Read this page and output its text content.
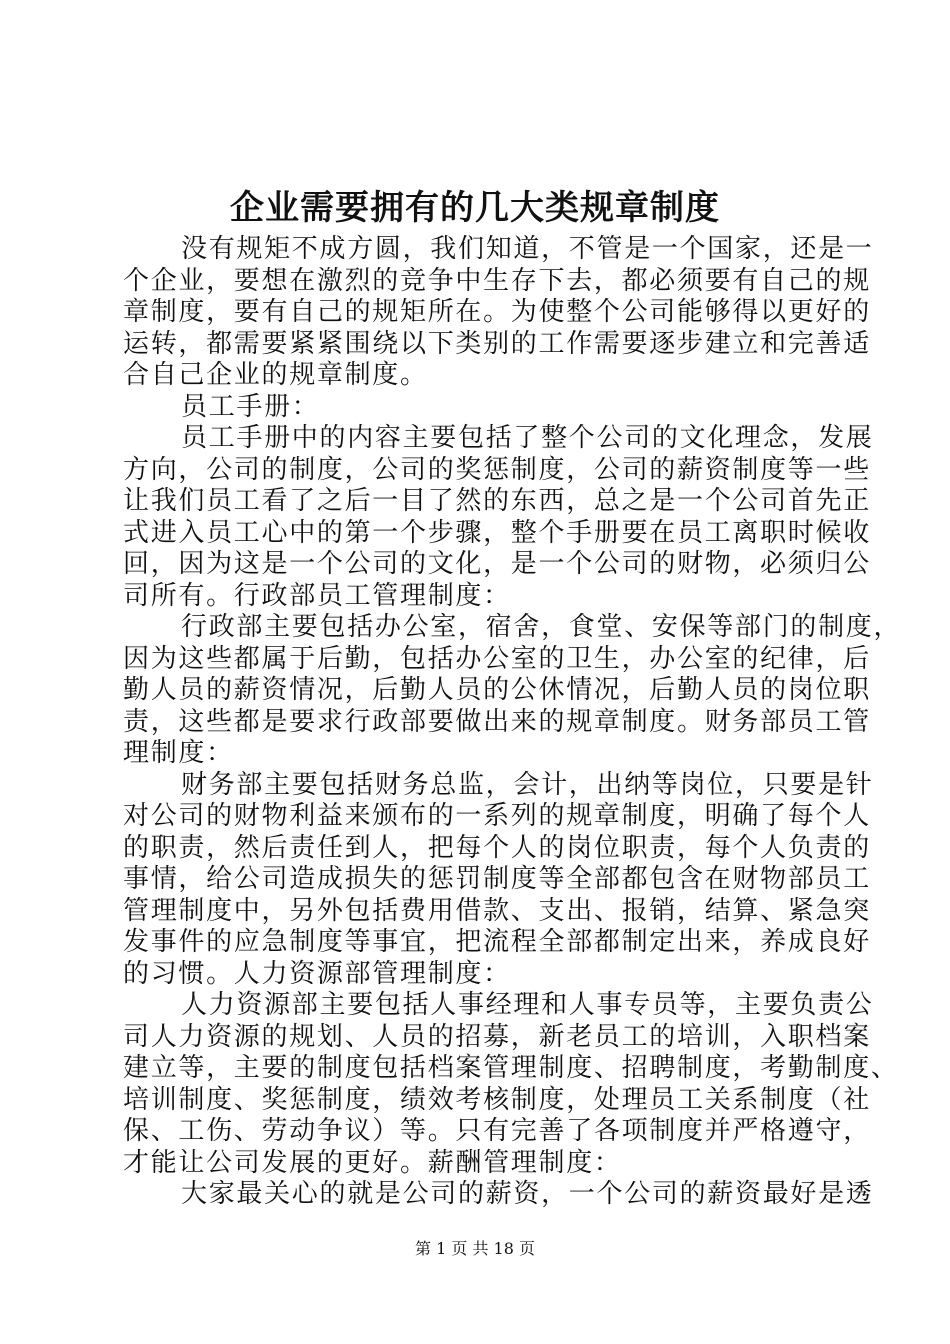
企业需要拥有的几大类规章制度
没有规矩不成方圆，我们知道，不管是一个国家，还是一
个企业，要想在激烈的竞争中生存下去，都必须要有自己的规
章制度，要有自己的规矩所在。为使整个公司能够得以更好的
运转，都需要紧紧围绕以下类别的工作需要逐步建立和完善适
合自己企业的规章制度。
员工手册：
员工手册中的内容主要包括了整个公司的文化理念，发展
方向，公司的制度，公司的奖惩制度，公司的薪资制度等一些
让我们员工看了之后一目了然的东西，总之是一个公司首先正
式进入员工心中的第一个步骤，整个手册要在员工离职时候收
回，因为这是一个公司的文化，是一个公司的财物，必须归公
司所有。行政部员工管理制度：
行政部主要包括办公室，宿舍，食堂、安保等部门的制度，
因为这些都属于后勤，包括办公室的卫生，办公室的纪律，后
勤人员的薪资情况，后勤人员的公休情况，后勤人员的岗位职
责，这些都是要求行政部要做出来的规章制度。财务部员工管
理制度：
财务部主要包括财务总监，会计，出纳等岗位，只要是针
对公司的财物利益来颁布的一系列的规章制度，明确了每个人
的职责，然后责任到人，把每个人的岗位职责，每个人负责的
事情，给公司造成损失的惩罚制度等全部都包含在财物部员工
管理制度中，另外包括费用借款、支出、报销，结算、紧急突
发事件的应急制度等事宜，把流程全部都制定出来，养成良好
的习惯。人力资源部管理制度：
人力资源部主要包括人事经理和人事专员等，主要负责公
司人力资源的规划、人员的招募，新老员工的培训，入职档案
建立等，主要的制度包括档案管理制度、招聘制度，考勤制度、
培训制度、奖惩制度，绩效考核制度，处理员工关系制度（社
保、工伤、劳动争议）等。只有完善了各项制度并严格遵守，
才能让公司发展的更好。薪酬管理制度：
大家最关心的就是公司的薪资，一个公司的薪资最好是透
第 1 页 共 18 页
